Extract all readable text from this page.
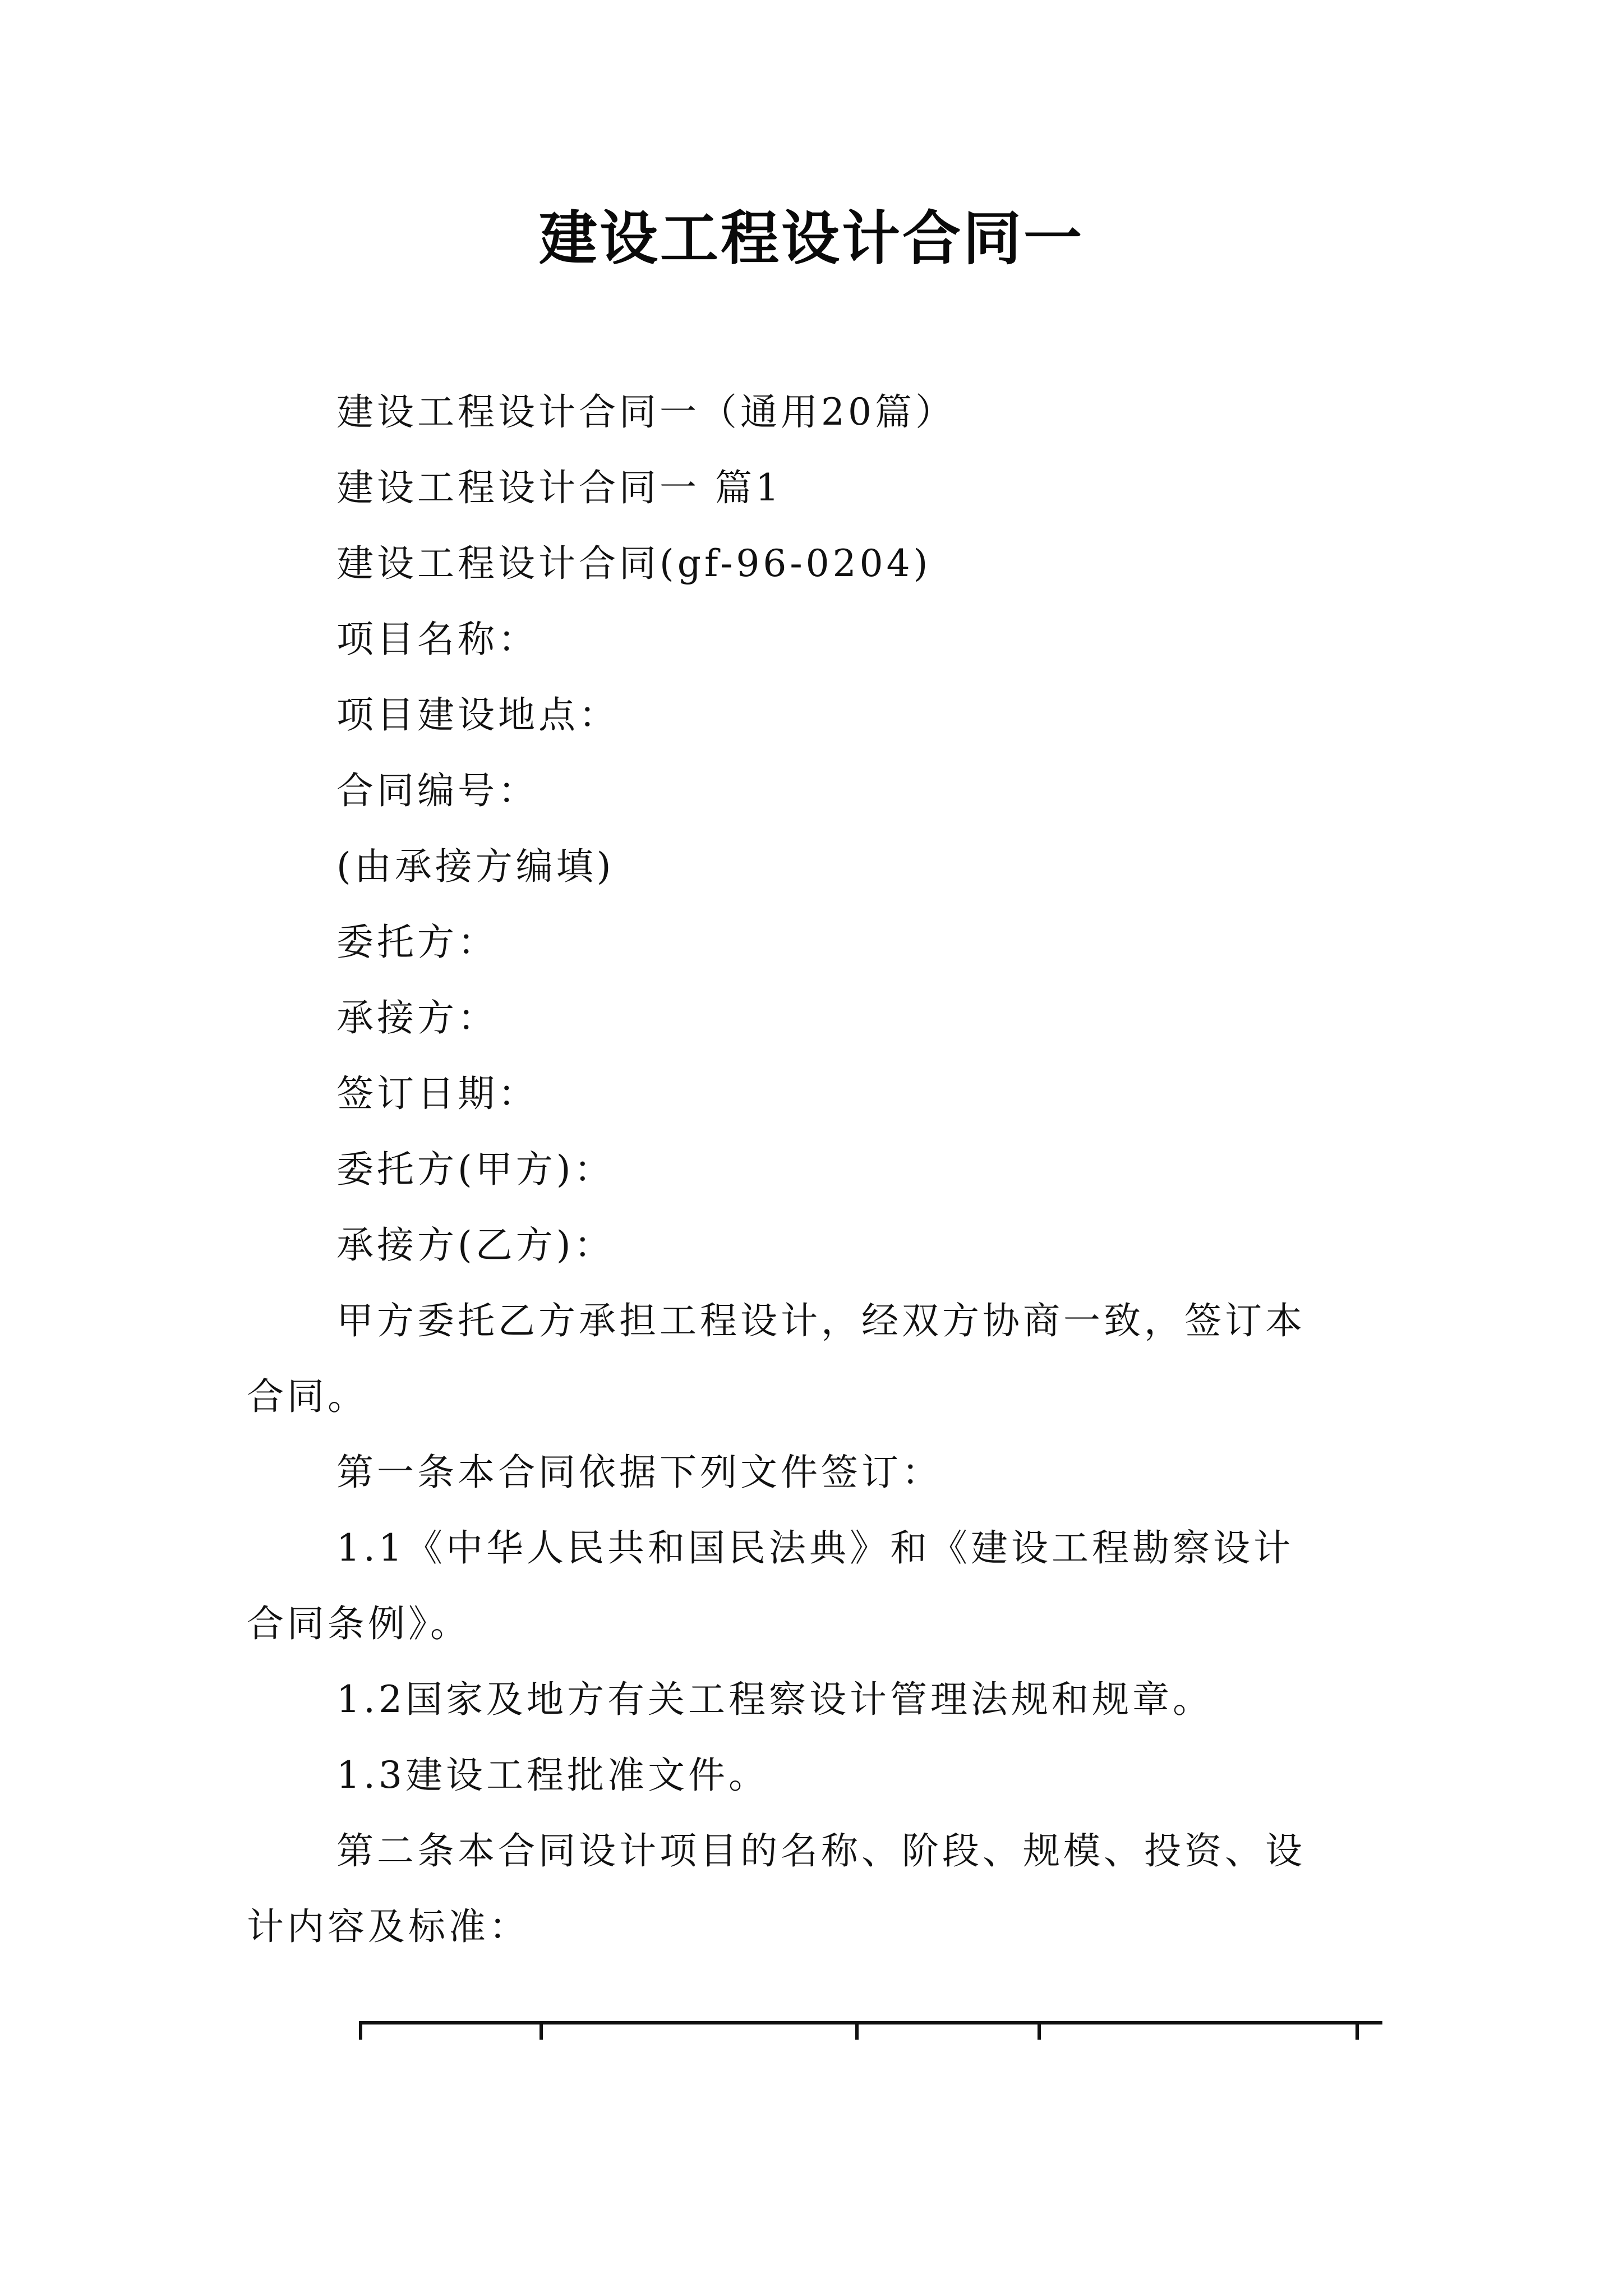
建设工程设计合同一
建设工程设计合同一（通用20篇）
建设工程设计合同一 篇1
建设工程设计合同(gf-96-0204)
项目名称：
项目建设地点：
合同编号：
(由承接方编填)
委托方：
承接方：
签订日期：
委托方(甲方)：
承接方(乙方)：
甲方委托乙方承担工程设计，经双方协商一致，签订本
合同。
第一条本合同依据下列文件签订：
1.1《中华人民共和国民法典》和《建设工程勘察设计
合同条例》。
1.2国家及地方有关工程察设计管理法规和规章。
1.3建设工程批准文件。
第二条本合同设计项目的名称、阶段、规模、投资、设
计内容及标准：
